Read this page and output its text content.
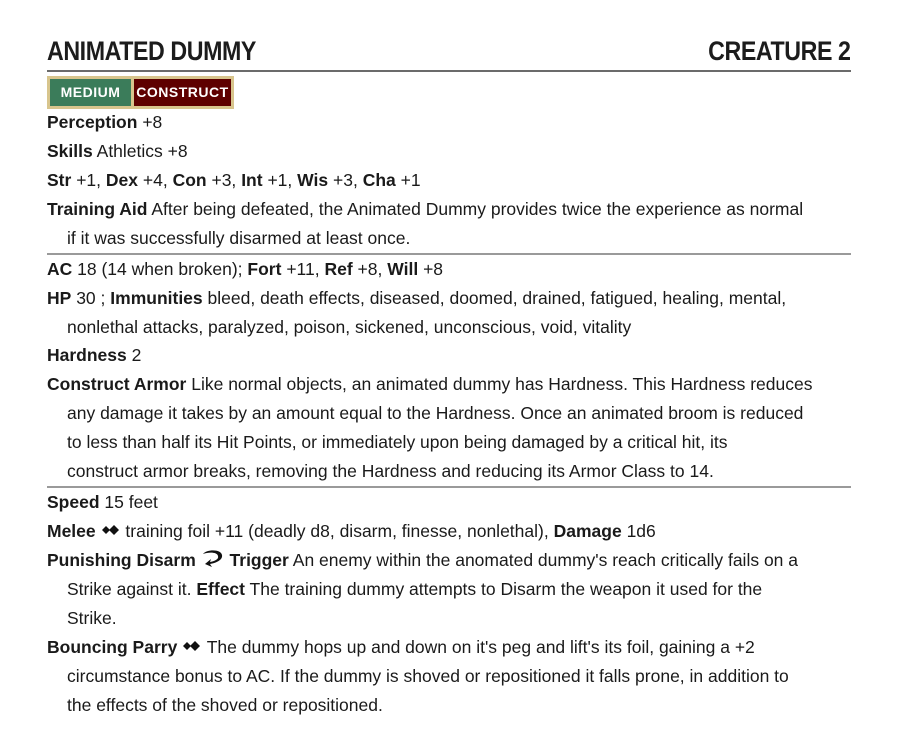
ANIMATED DUMMY	CREATURE 2
MEDIUM	CONSTRUCT
Perception +8
Skills Athletics +8
Str +1, Dex +4, Con +3, Int +1, Wis +3, Cha +1
Training Aid After being defeated, the Animated Dummy provides twice the experience as normal
if it was successfully disarmed at least once.
AC 18 (14 when broken); Fort +11, Ref +8, Will +8
HP 30 ; Immunities bleed, death effects, diseased, doomed, drained, fatigued, healing, mental,
nonlethal attacks, paralyzed, poison, sickened, unconscious, void, vitality
Hardness 2
Construct Armor Like normal objects, an animated dummy has Hardness. This Hardness reduces
any damage it takes by an amount equal to the Hardness. Once an animated broom is reduced
to less than half its Hit Points, or immediately upon being damaged by a critical hit, its
construct armor breaks, removing the Hardness and reducing its Armor Class to 14.
Speed 15 feet
Melee training foil +11 (deadly d8, disarm, finesse, nonlethal), Damage 1d6
Punishing Disarm Trigger An enemy within the anomated dummy's reach critically fails on a
Strike against it. Effect The training dummy attempts to Disarm the weapon it used for the
Strike.
Bouncing Parry The dummy hops up and down on it's peg and lift's its foil, gaining a +2
circumstance bonus to AC. If the dummy is shoved or repositioned it falls prone, in addition to
the effects of the shoved or repositioned.
